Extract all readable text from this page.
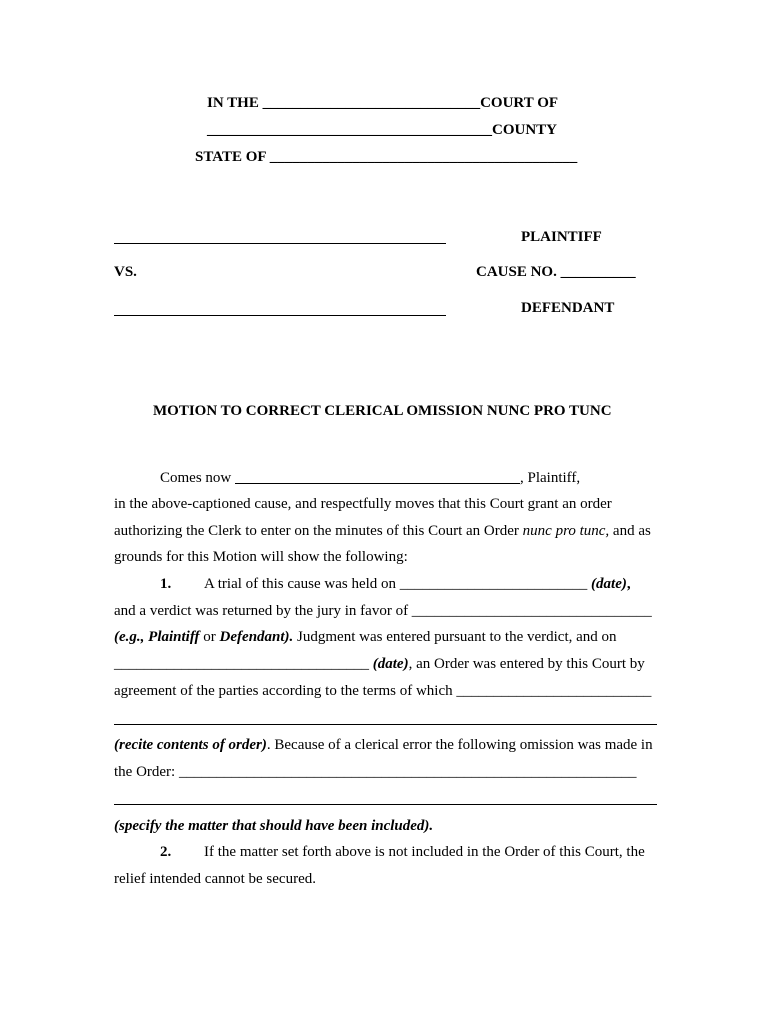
IN THE _____________________________COURT OF
______________________________________COUNTY
STATE OF _________________________________________
PLAINTIFF
VS.	CAUSE NO. __________
DEFENDANT
MOTION TO CORRECT CLERICAL OMISSION NUNC PRO TUNC
Comes now	, Plaintiff,
in the above-captioned cause, and respectfully moves that this Court grant an order
authorizing the Clerk to enter on the minutes of this Court an Order nunc pro tunc, and as
grounds for this Motion will show the following:
1. A trial of this cause was held on _________________________ (date),
and a verdict was returned by the jury in favor of ________________________________
(e.g., Plaintiff or Defendant). Judgment was entered pursuant to the verdict, and on
__________________________________ (date), an Order was entered by this Court by
agreement of the parties according to the terms of which __________________________
(recite contents of order). Because of a clerical error the following omission was made in
the Order: _____________________________________________________________
(specify the matter that should have been included).
2. If the matter set forth above is not included in the Order of this Court, the
relief intended cannot be secured.
